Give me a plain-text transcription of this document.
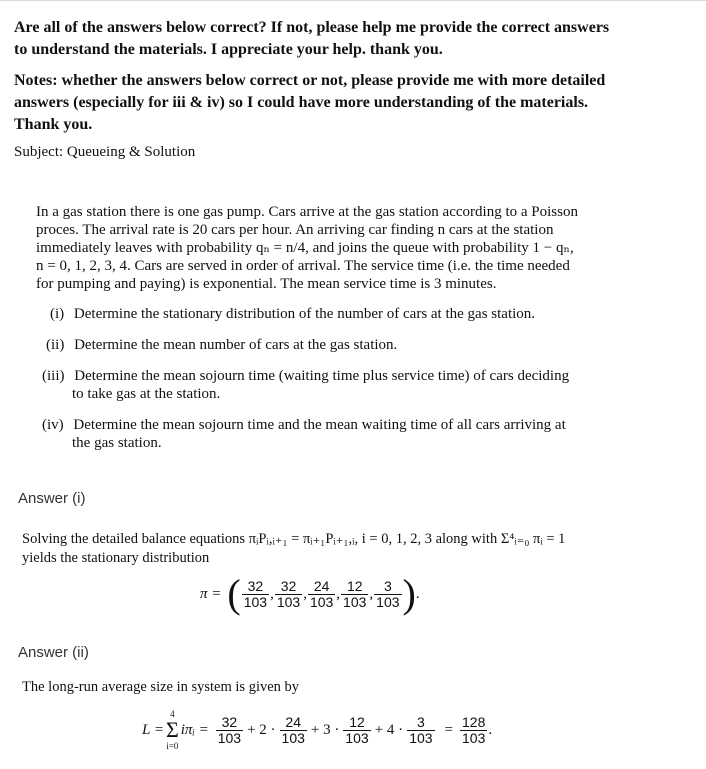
Are all of the answers below correct? If not, please help me provide the correct answers
to understand the materials. I appreciate your help. thank you.
Notes: whether the answers below correct or not, please provide me with more detailed
answers (especially for iii & iv) so I could have more understanding of the materials.
Thank you.
Subject: Queueing & Solution
In a gas station there is one gas pump. Cars arrive at the gas station according to a Poisson
proces. The arrival rate is 20 cars per hour. An arriving car finding n cars at the station
immediately leaves with probability qₙ = n/4, and joins the queue with probability 1 − qₙ,
n = 0, 1, 2, 3, 4. Cars are served in order of arrival. The service time (i.e. the time needed
for pumping and paying) is exponential. The mean service time is 3 minutes.
(i) Determine the stationary distribution of the number of cars at the gas station.
(ii) Determine the mean number of cars at the gas station.
(iii) Determine the mean sojourn time (waiting time plus service time) of cars deciding
to take gas at the station.
(iv) Determine the mean sojourn time and the mean waiting time of all cars arriving at
the gas station.
Answer (i)
Solving the detailed balance equations πᵢPᵢ,ᵢ₊₁ = πᵢ₊₁Pᵢ₊₁,ᵢ, i = 0, 1, 2, 3 along with Σ⁴ᵢ₌₀ πᵢ = 1
yields the stationary distribution
π = ( $\frac{32}{103}$ , $\frac{32}{103}$ , $\frac{24}{103}$ , $\frac{12}{103}$ , $\frac{3}{103}$ ) .
Answer (ii)
The long-run average size in system is given by
L =
4
Σ
i=0
iπᵢ = $\frac{32}{103} + 2 \cdot \frac{24}{103} + 3 \cdot \frac{12}{103} + 4 \cdot \frac{3}{103} = \frac{128}{103}$ .
